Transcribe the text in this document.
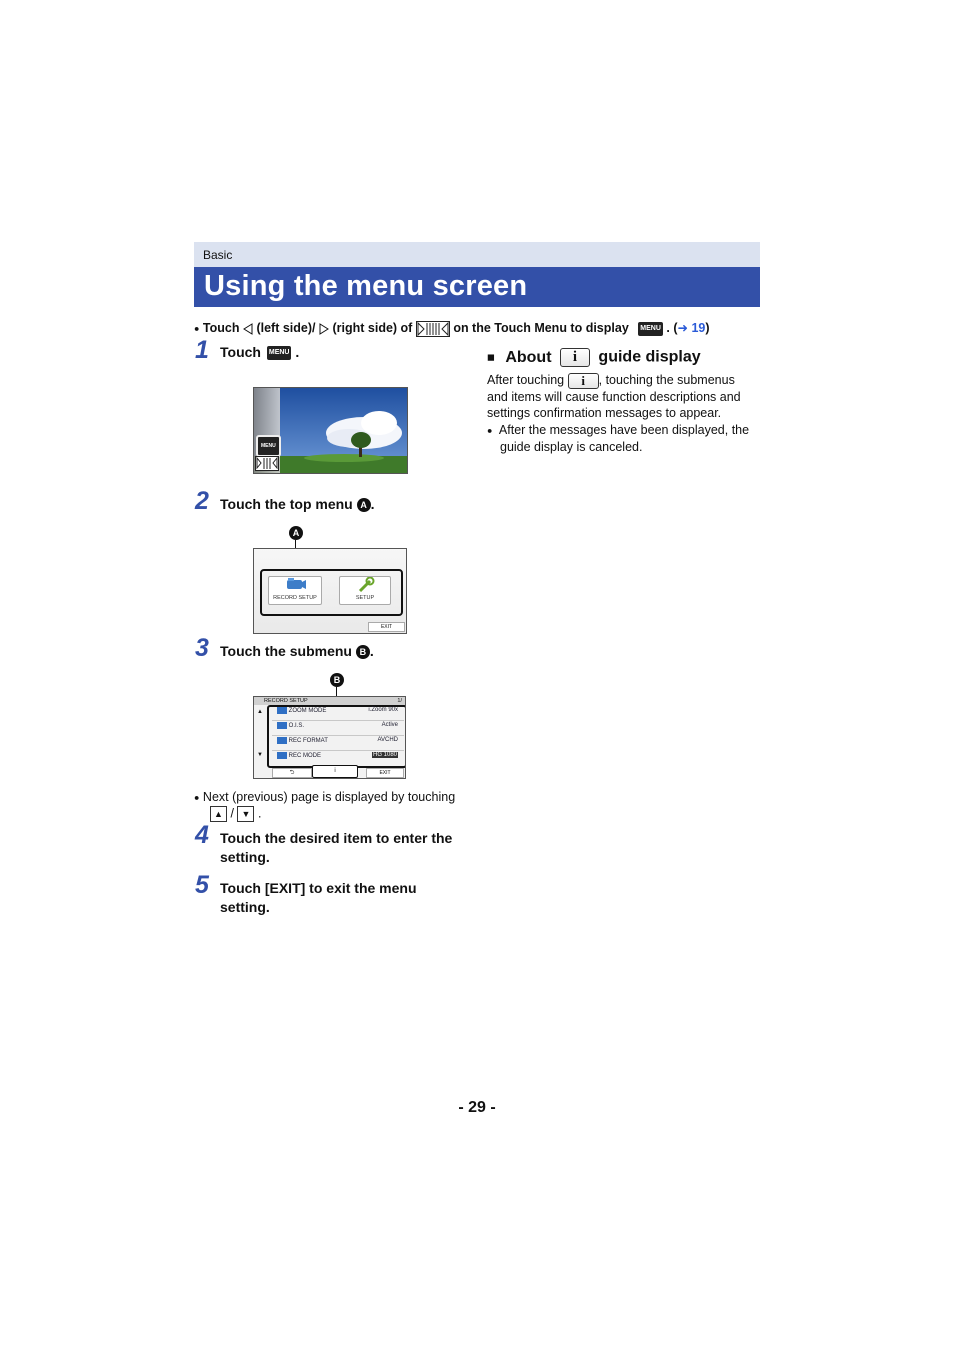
Basic
Using the menu screen
● Touch (left side)/ (right side) of	on the Touch Menu to display MENU . (➜ 19)
1 Touch MENU .
MENU
2 Touch the top menu A .
A
RECORD SETUP	SETUP
EXIT
3 Touch the submenu B .
B
RECORD SETUP	1/
▲
▼
ZOOM MODE	i.Zoom 90x
O.I.S.	Active
REC FORMAT	AVCHD
REC MODE	HG 1080
⮌	i	EXIT
● Next (previous) page is displayed by touching
▲ / ▼ .
4 Touch the desired item to enter the
setting.
5 Touch [EXIT] to exit the menu
setting.
■ About i guide display
After touching i , touching the submenus
and items will cause function descriptions and
settings confirmation messages to appear.
● After the messages have been displayed, the
guide display is canceled.
- 29 -
